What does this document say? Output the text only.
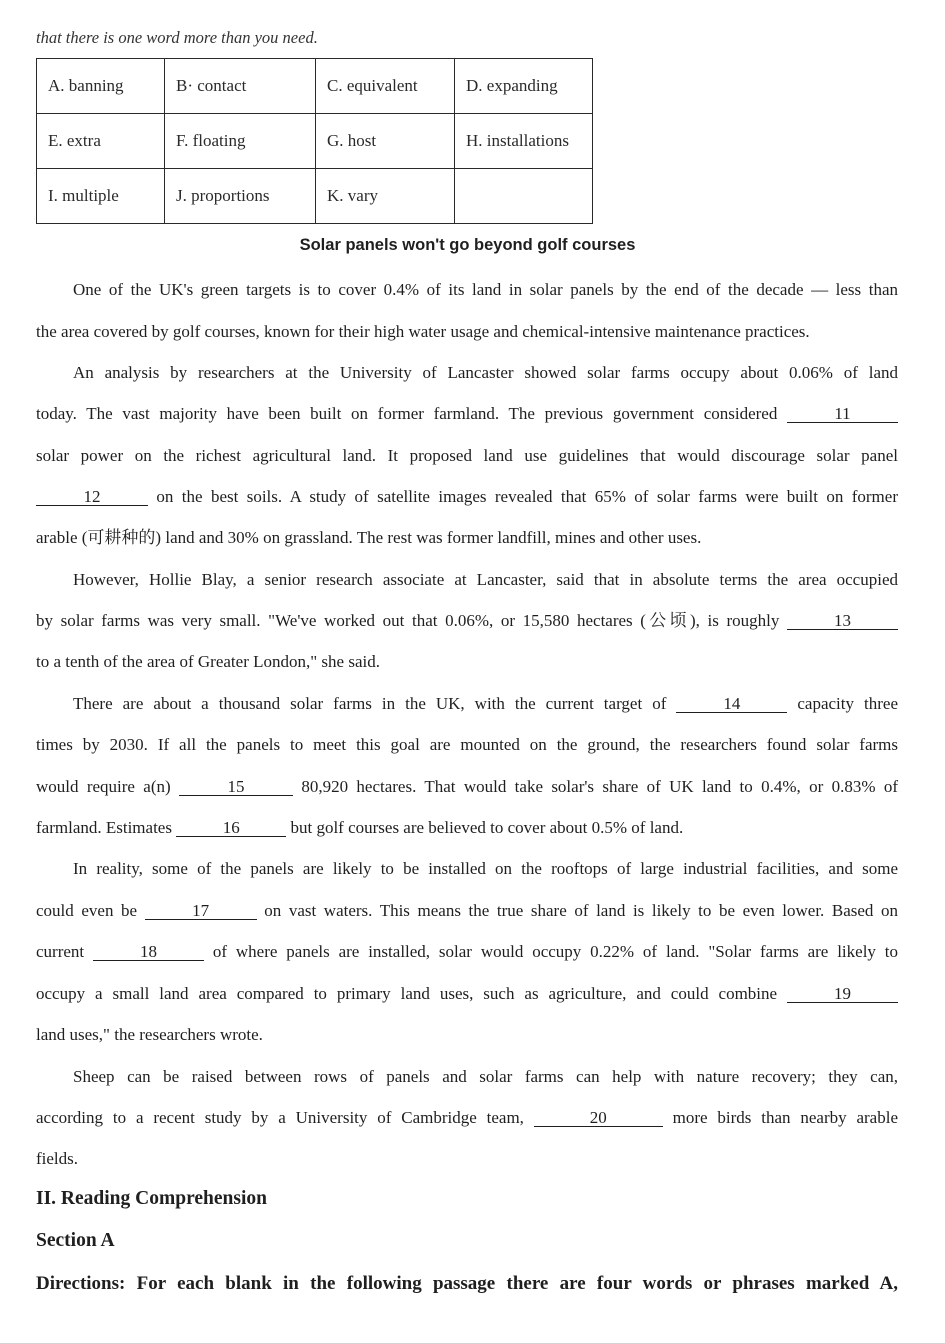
that there is one word more than you need.
A. banning	B· contact	C. equivalent	D. expanding
E. extra	F. floating	G. host	H. installations
I. multiple	J. proportions	K. vary	
Solar panels won't go beyond golf courses
One of the UK's green targets is to cover 0.4% of its land in solar panels by the end of the decade — less than
the area covered by golf courses, known for their high water usage and chemical-intensive maintenance practices.
An analysis by researchers at the University of Lancaster showed solar farms occupy about 0.06% of land
today. The vast majority have been built on former farmland. The previous government considered	11
solar power on the richest agricultural land. It proposed land use guidelines that would discourage solar panel
12	on the best soils. A study of satellite images revealed that 65% of solar farms were built on former
arable (可耕种的) land and 30% on grassland. The rest was former landfill, mines and other uses.
However, Hollie Blay, a senior research associate at Lancaster, said that in absolute terms the area occupied
by solar farms was very small. "We've worked out that 0.06%, or 15,580 hectares (公顷), is roughly	13
to a tenth of the area of Greater London," she said.
There are about a thousand solar farms in the UK, with the current target of	14	capacity three
times by 2030. If all the panels to meet this goal are mounted on the ground, the researchers found solar farms
would require a(n)	15	80,920 hectares. That would take solar's share of UK land to 0.4%, or 0.83% of
farmland. Estimates	16	but golf courses are believed to cover about 0.5% of land.
In reality, some of the panels are likely to be installed on the rooftops of large industrial facilities, and some
could even be	17	on vast waters. This means the true share of land is likely to be even lower. Based on
current	18	of where panels are installed, solar would occupy 0.22% of land. "Solar farms are likely to
occupy a small land area compared to primary land uses, such as agriculture, and could combine	19
land uses," the researchers wrote.
Sheep can be raised between rows of panels and solar farms can help with nature recovery; they can,
according to a recent study by a University of Cambridge team,	20	more birds than nearby arable
fields.
II. Reading Comprehension
Section A
Directions: For each blank in the following passage there are four words or phrases marked A,
